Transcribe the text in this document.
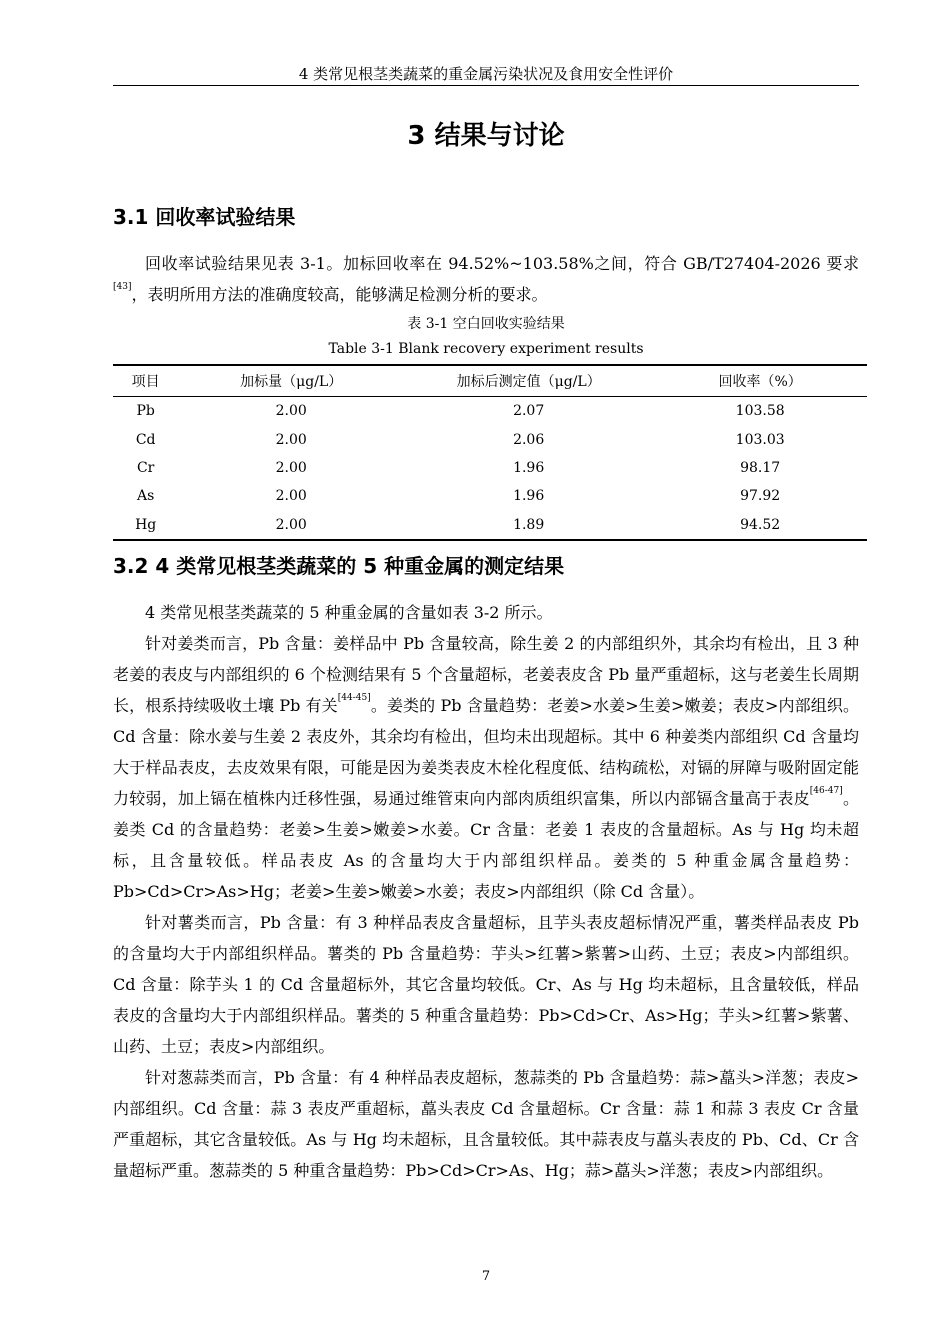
4 类常见根茎类蔬菜的重金属污染状况及食用安全性评价
3 结果与讨论
3.1 回收率试验结果

回收率试验结果见表 3-1。加标回收率在 94.52%~103.58%之间，符合 GB/T27404-2026 要求[43]，表明所用方法的准确度较高，能够满足检测分析的要求。

表 3-1 空白回收实验结果
Table 3-1 Blank recovery experiment results
项目	加标量（μg/L）	加标后测定值（μg/L）	回收率（%）
Pb	2.00	2.07	103.58
Cd	2.00	2.06	103.03
Cr	2.00	1.96	98.17
As	2.00	1.96	97.92
Hg	2.00	1.89	94.52
3.2 4 类常见根茎类蔬菜的 5 种重金属的测定结果

4 类常见根茎类蔬菜的 5 种重金属的含量如表 3-2 所示。

针对姜类而言，Pb 含量：姜样品中 Pb 含量较高，除生姜 2 的内部组织外，其余均有检出，且 3 种老姜的表皮与内部组织的 6 个检测结果有 5 个含量超标，老姜表皮含 Pb 量严重超标，这与老姜生长周期长，根系持续吸收土壤 Pb 有关[44-45]。姜类的 Pb 含量趋势：老姜>水姜>生姜>嫩姜；表皮>内部组织。Cd 含量：除水姜与生姜 2 表皮外，其余均有检出，但均未出现超标。其中 6 种姜类内部组织 Cd 含量均大于样品表皮，去皮效果有限，可能是因为姜类表皮木栓化程度低、结构疏松，对镉的屏障与吸附固定能力较弱，加上镉在植株内迁移性强，易通过维管束向内部肉质组织富集，所以内部镉含量高于表皮[46-47]。姜类 Cd 的含量趋势：老姜>生姜>嫩姜>水姜。Cr 含量：老姜 1 表皮的含量超标。As 与 Hg 均未超标，且含量较低。样品表皮 As 的含量均大于内部组织样品。姜类的 5 种重金属含量趋势：Pb>Cd>Cr>As>Hg；老姜>生姜>嫩姜>水姜；表皮>内部组织（除 Cd 含量）。

针对薯类而言，Pb 含量：有 3 种样品表皮含量超标，且芋头表皮超标情况严重，薯类样品表皮 Pb 的含量均大于内部组织样品。薯类的 Pb 含量趋势：芋头>红薯>紫薯>山药、土豆；表皮>内部组织。Cd 含量：除芋头 1 的 Cd 含量超标外，其它含量均较低。Cr、As 与 Hg 均未超标，且含量较低，样品表皮的含量均大于内部组织样品。薯类的 5 种重含量趋势：Pb>Cd>Cr、As>Hg；芋头>红薯>紫薯、山药、土豆；表皮>内部组织。

针对葱蒜类而言，Pb 含量：有 4 种样品表皮超标，葱蒜类的 Pb 含量趋势：蒜>藠头>洋葱；表皮>内部组织。Cd 含量：蒜 3 表皮严重超标，藠头表皮 Cd 含量超标。Cr 含量：蒜 1 和蒜 3 表皮 Cr 含量严重超标，其它含量较低。As 与 Hg 均未超标，且含量较低。其中蒜表皮与藠头表皮的 Pb、Cd、Cr 含量超标严重。葱蒜类的 5 种重含量趋势：Pb>Cd>Cr>As、Hg；蒜>藠头>洋葱；表皮>内部组织。

7
